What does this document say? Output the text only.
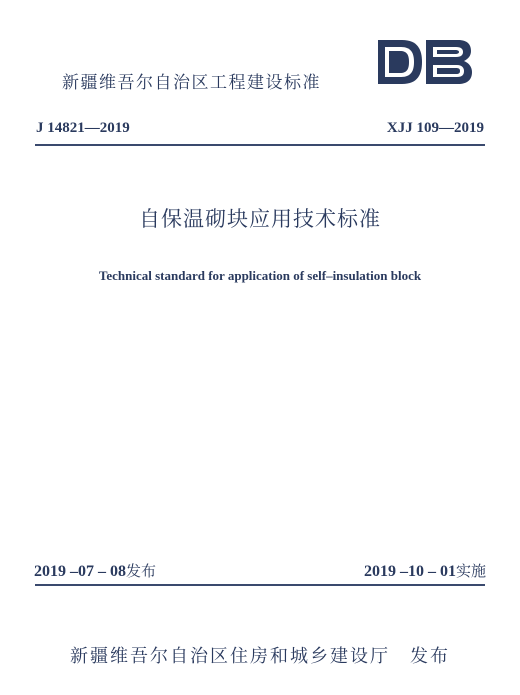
新疆维吾尔自治区工程建设标准
J 14821—2019	XJJ 109—2019
自保温砌块应用技术标准
Technical standard for application of self–insulation block
2019 –07 – 08发布	2019 –10 – 01实施
新疆维吾尔自治区住房和城乡建设厅　发布
